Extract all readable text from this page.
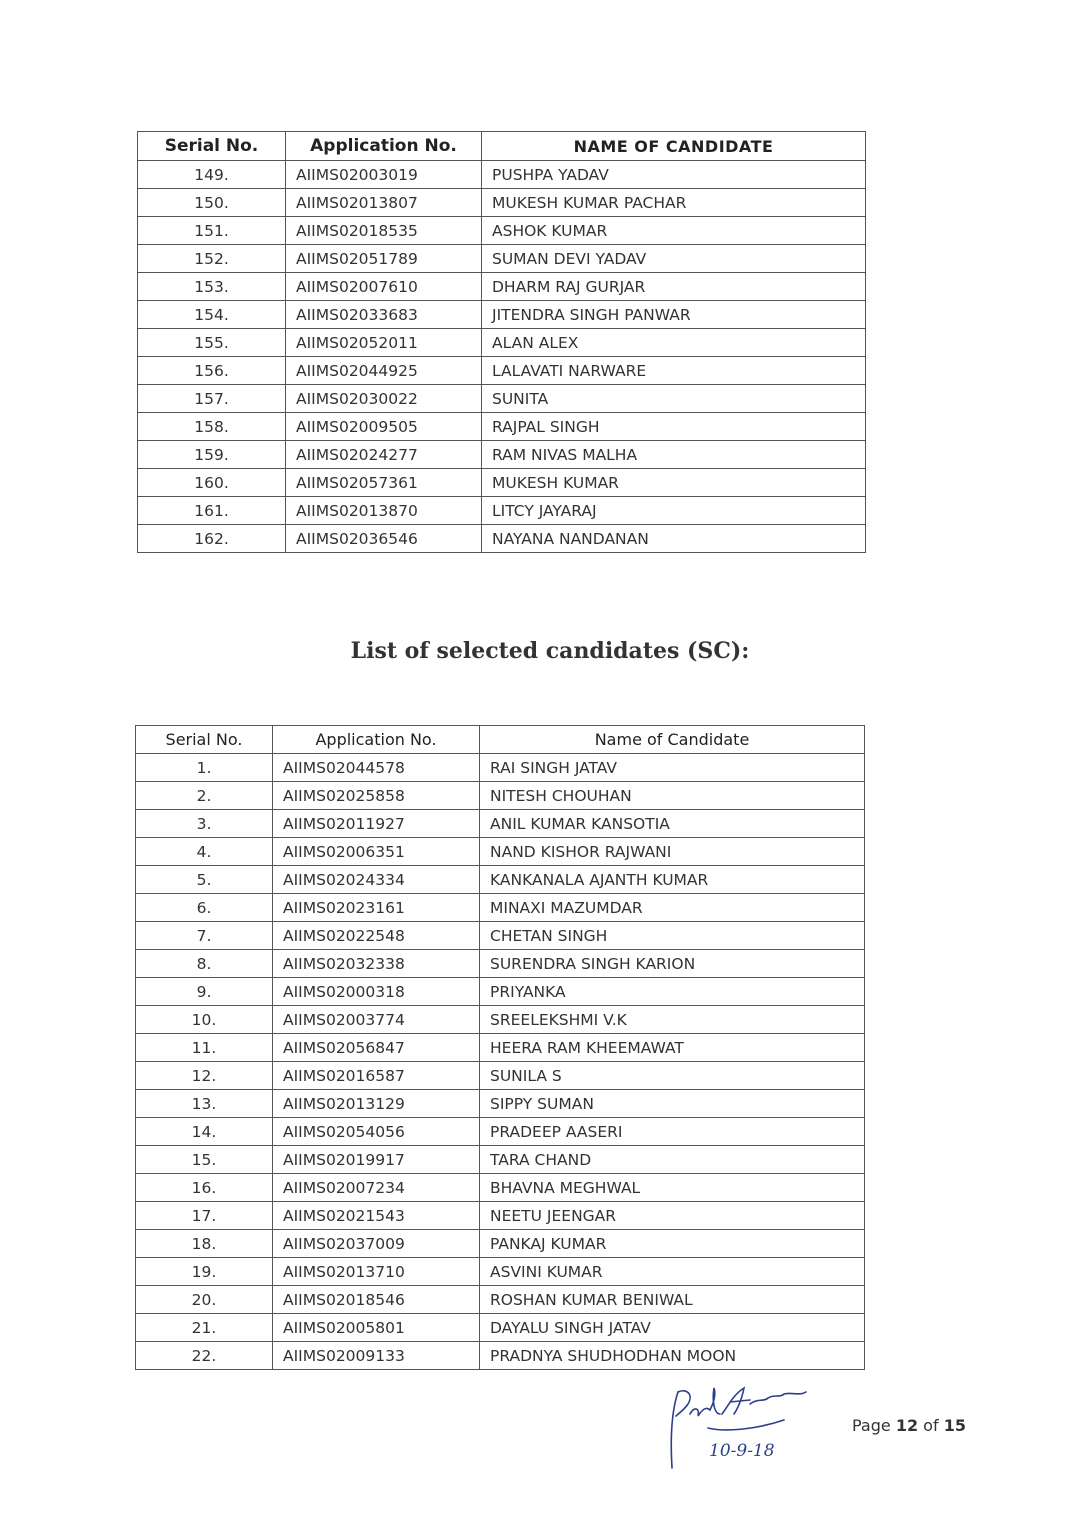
Serial No.	Application No.	NAME OF CANDIDATE
149.	AIIMS02003019	PUSHPA YADAV
150.	AIIMS02013807	MUKESH KUMAR PACHAR
151.	AIIMS02018535	ASHOK KUMAR
152.	AIIMS02051789	SUMAN DEVI YADAV
153.	AIIMS02007610	DHARM RAJ GURJAR
154.	AIIMS02033683	JITENDRA SINGH PANWAR
155.	AIIMS02052011	ALAN ALEX
156.	AIIMS02044925	LALAVATI NARWARE
157.	AIIMS02030022	SUNITA
158.	AIIMS02009505	RAJPAL SINGH
159.	AIIMS02024277	RAM NIVAS MALHA
160.	AIIMS02057361	MUKESH KUMAR
161.	AIIMS02013870	LITCY JAYARAJ
162.	AIIMS02036546	NAYANA NANDANAN
List of selected candidates (SC):
Serial No.	Application No.	Name of Candidate
1.	AIIMS02044578	RAI SINGH JATAV
2.	AIIMS02025858	NITESH CHOUHAN
3.	AIIMS02011927	ANIL KUMAR KANSOTIA
4.	AIIMS02006351	NAND KISHOR RAJWANI
5.	AIIMS02024334	KANKANALA AJANTH KUMAR
6.	AIIMS02023161	MINAXI MAZUMDAR
7.	AIIMS02022548	CHETAN SINGH
8.	AIIMS02032338	SURENDRA SINGH KARION
9.	AIIMS02000318	PRIYANKA
10.	AIIMS02003774	SREELEKSHMI V.K
11.	AIIMS02056847	HEERA RAM KHEEMAWAT
12.	AIIMS02016587	SUNILA S
13.	AIIMS02013129	SIPPY SUMAN
14.	AIIMS02054056	PRADEEP AASERI
15.	AIIMS02019917	TARA CHAND
16.	AIIMS02007234	BHAVNA MEGHWAL
17.	AIIMS02021543	NEETU JEENGAR
18.	AIIMS02037009	PANKAJ KUMAR
19.	AIIMS02013710	ASVINI KUMAR
20.	AIIMS02018546	ROSHAN KUMAR BENIWAL
21.	AIIMS02005801	DAYALU SINGH JATAV
22.	AIIMS02009133	PRADNYA SHUDHODHAN MOON
10-9-18
Page 12 of 15
